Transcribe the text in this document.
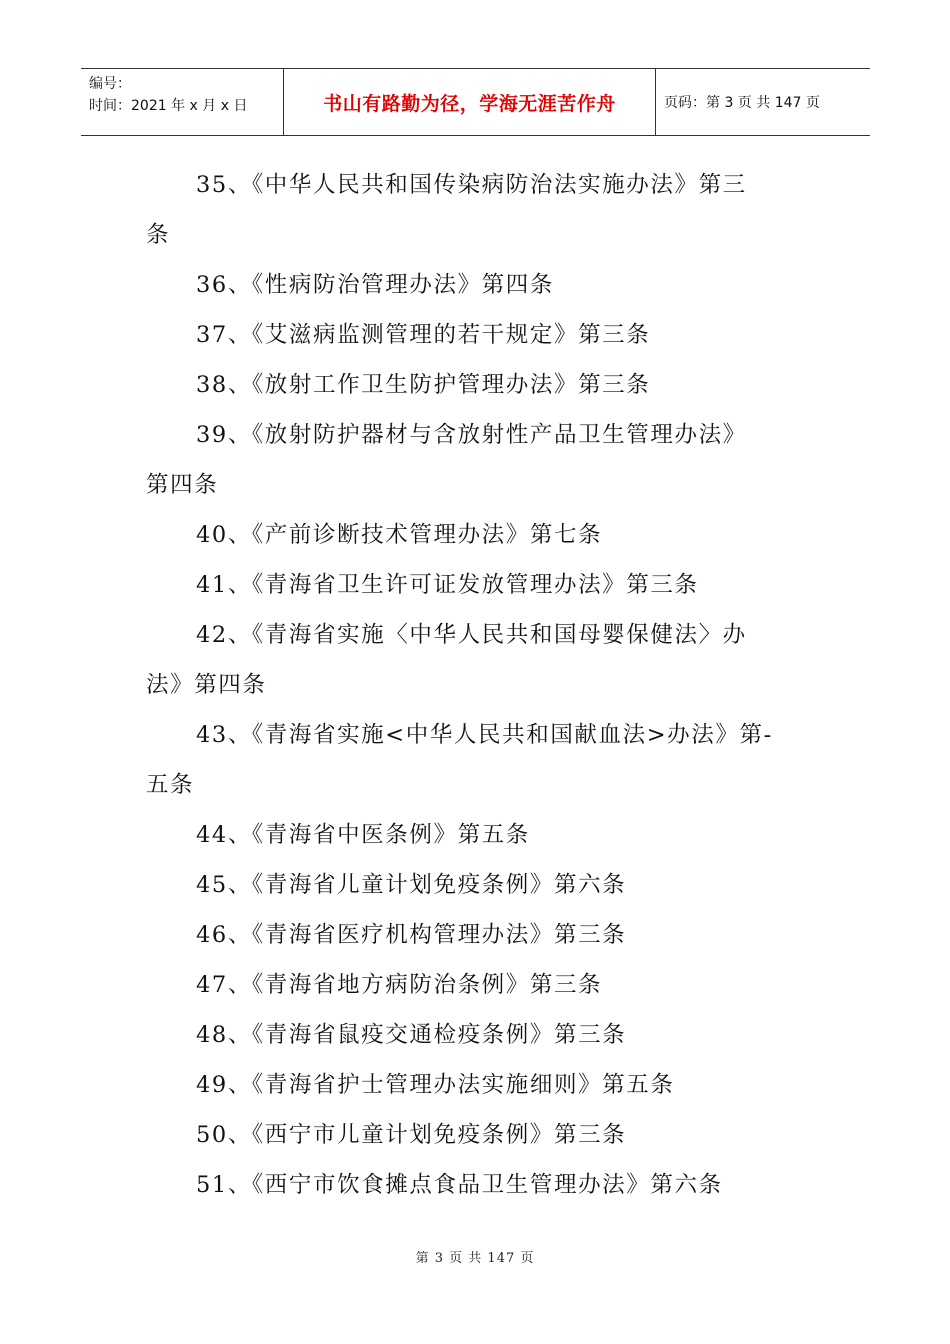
编号：
时间：2021 年 x 月 x 日	书山有路勤为径，学海无涯苦作舟	页码：第 3 页 共 147 页
35、《中华人民共和国传染病防治法实施办法》第三
条
36、《性病防治管理办法》第四条
37、《艾滋病监测管理的若干规定》第三条
38、《放射工作卫生防护管理办法》第三条
39、《放射防护器材与含放射性产品卫生管理办法》
第四条
40、《产前诊断技术管理办法》第七条
41、《青海省卫生许可证发放管理办法》第三条
42、《青海省实施〈中华人民共和国母婴保健法〉办
法》第四条
43、《青海省实施<中华人民共和国献血法>办法》第-
五条
44、《青海省中医条例》第五条
45、《青海省儿童计划免疫条例》第六条
46、《青海省医疗机构管理办法》第三条
47、《青海省地方病防治条例》第三条
48、《青海省鼠疫交通检疫条例》第三条
49、《青海省护士管理办法实施细则》第五条
50、《西宁市儿童计划免疫条例》第三条
51、《西宁市饮食摊点食品卫生管理办法》第六条
第 3 页 共 147 页
